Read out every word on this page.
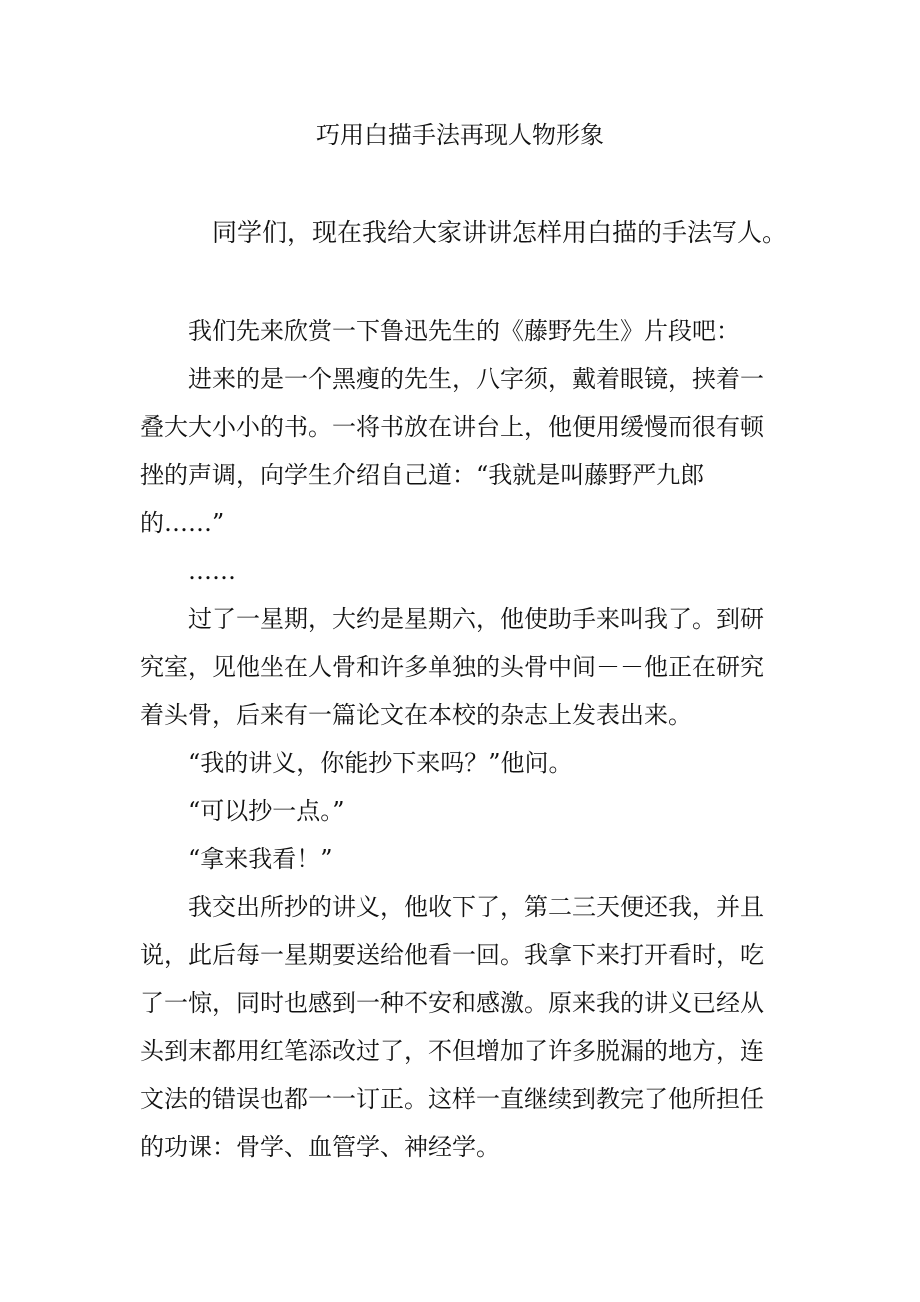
巧用白描手法再现人物形象
同学们，现在我给大家讲讲怎样用白描的手法写人。
我们先来欣赏一下鲁迅先生的《藤野先生》片段吧：
进来的是一个黑瘦的先生，八字须，戴着眼镜，挟着一
叠大大小小的书。一将书放在讲台上，他便用缓慢而很有顿
挫的声调，向学生介绍自己道：“我就是叫藤野严九郎
的……”
……
过了一星期，大约是星期六，他使助手来叫我了。到研
究室，见他坐在人骨和许多单独的头骨中间－－他正在研究
着头骨，后来有一篇论文在本校的杂志上发表出来。
“我的讲义，你能抄下来吗？”他问。
“可以抄一点。”
“拿来我看！”
我交出所抄的讲义，他收下了，第二三天便还我，并且
说，此后每一星期要送给他看一回。我拿下来打开看时，吃
了一惊，同时也感到一种不安和感激。原来我的讲义已经从
头到末都用红笔添改过了，不但增加了许多脱漏的地方，连
文法的错误也都一一订正。这样一直继续到教完了他所担任
的功课：骨学、血管学、神经学。
